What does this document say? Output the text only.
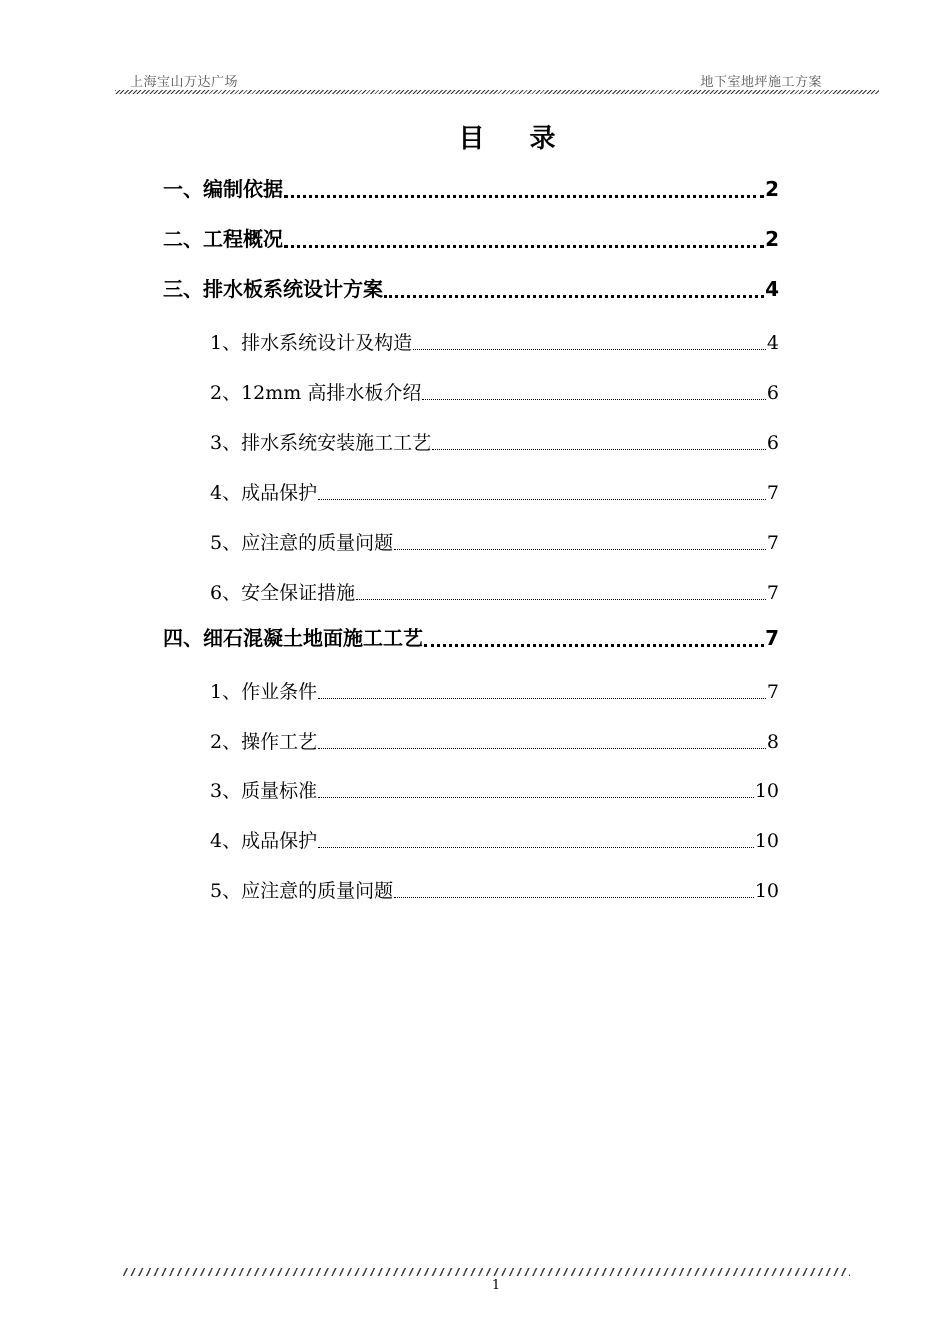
上海宝山万达广场	地下室地坪施工方案
目 录
一、编制依据	2
二、工程概况	2
三、排水板系统设计方案	4
1、排水系统设计及构造	4
2、12mm 高排水板介绍	6
3、排水系统安装施工工艺	6
4、成品保护	7
5、应注意的质量问题	7
6、安全保证措施	7
四、细石混凝土地面施工工艺	7
1、作业条件	7
2、操作工艺	8
3、质量标准	10
4、成品保护	10
5、应注意的质量问题	10
1
